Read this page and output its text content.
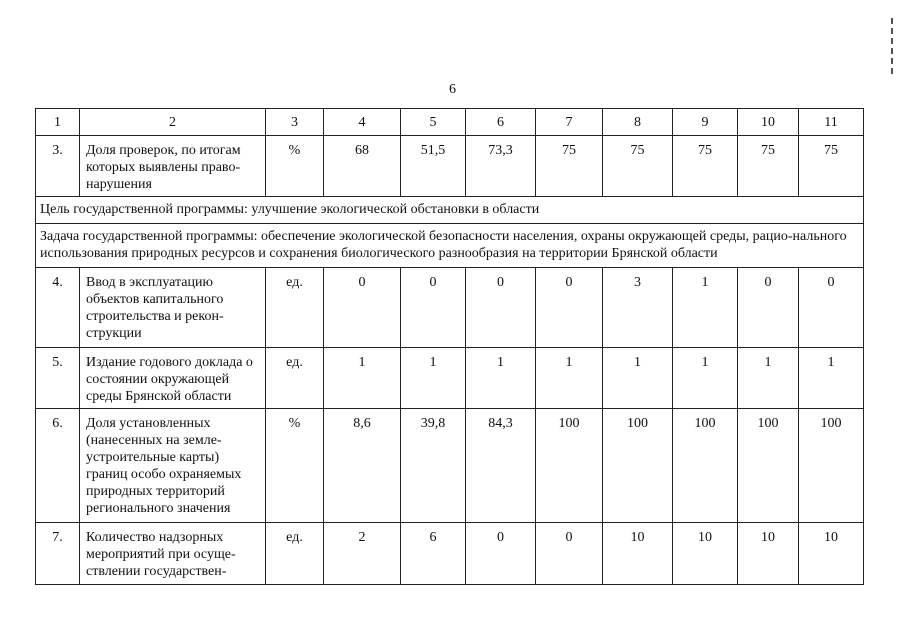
6
1	2	3	4	5	6	7	8	9	10	11
3.	Доля проверок, по итогам которых выявлены право-нарушения	%	68	51,5	73,3	75	75	75	75	75
Цель государственной программы: улучшение экологической обстановки в области										
Задача государственной программы: обеспечение экологической безопасности населения, охраны окружающей среды, рацио-нального использования природных ресурсов и сохранения биологического разнообразия на территории Брянской области										
4.	Ввод в эксплуатацию объектов капитального строительства и рекон-струкции	ед.	0	0	0	0	3	1	0	0
5.	Издание годового доклада о состоянии окружающей среды Брянской области	ед.	1	1	1	1	1	1	1	1
6.	Доля установленных (нанесенных на земле-устроительные карты) границ особо охраняемых природных территорий регионального значения	%	8,6	39,8	84,3	100	100	100	100	100
7.	Количество надзорных мероприятий при осуще-ствлении государствен-	ед.	2	6	0	0	10	10	10	10
